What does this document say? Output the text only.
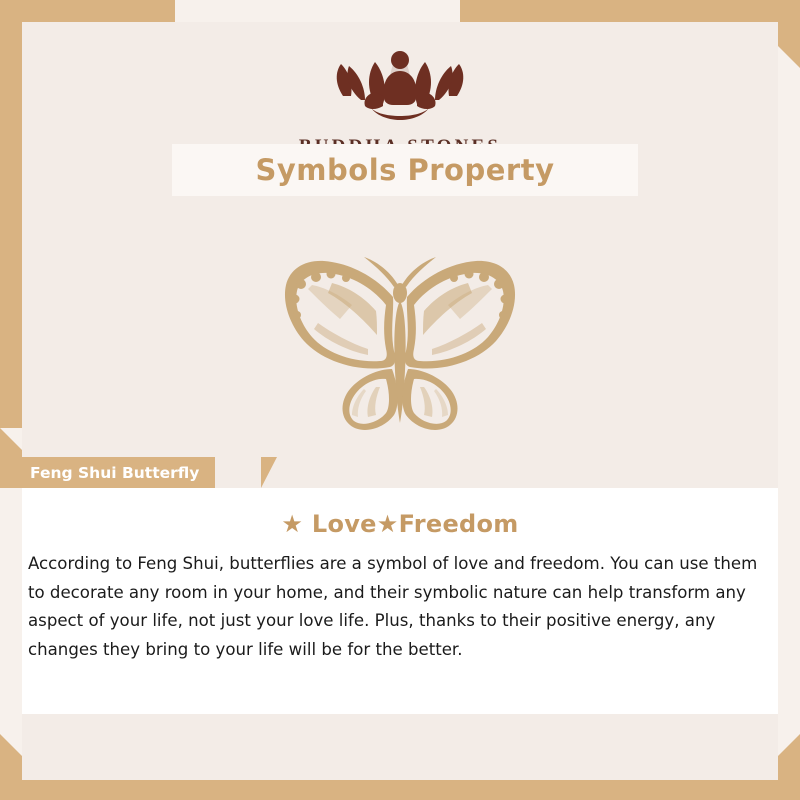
Symbols Property
Feng Shui Butterfly
★ Love★Freedom

According to Feng Shui, butterflies are a symbol of love and freedom. You can use them to decorate any room in your home, and their symbolic nature can help transform any aspect of your life, not just your love life. Plus, thanks to their positive energy, any changes they bring to your life will be for the better.
